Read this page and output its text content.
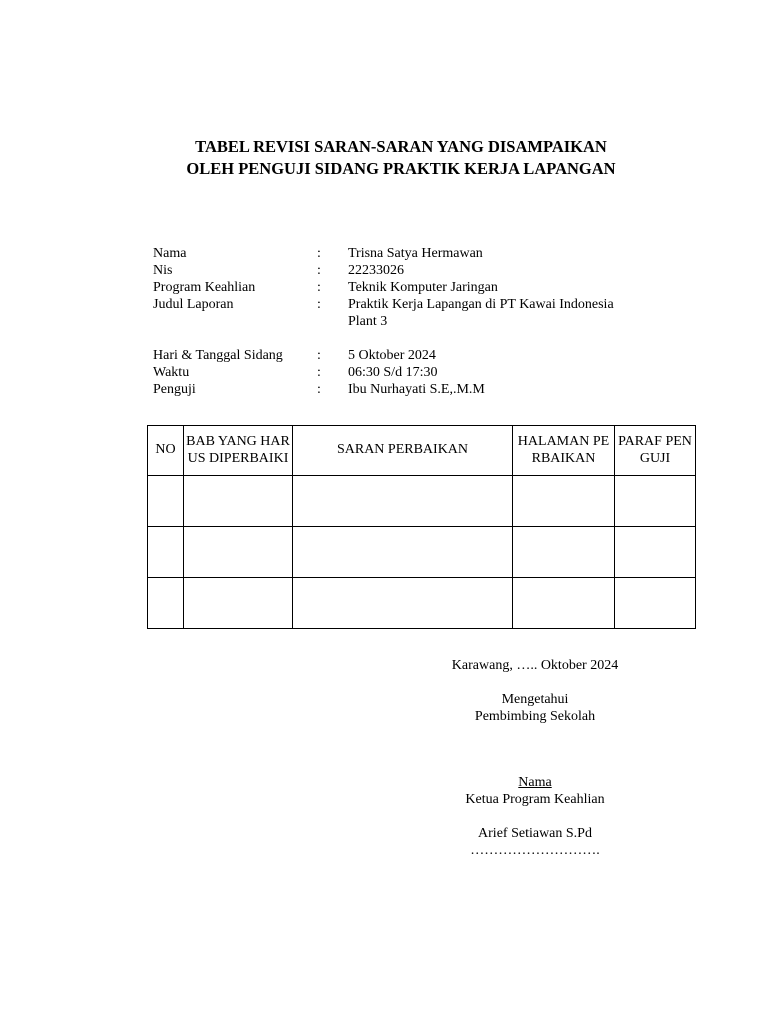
TABEL REVISI SARAN-SARAN YANG DISAMPAIKAN
OLEH PENGUJI SIDANG PRAKTIK KERJA LAPANGAN
Nama	: Trisna Satya Hermawan
Nis	: 22233026
Program Keahlian	: Teknik Komputer Jaringan
Judul Laporan	: Praktik Kerja Lapangan di PT Kawai Indonesia
Plant 3
Hari & Tanggal Sidang	: 5 Oktober 2024
Waktu	: 06:30 S/d 17:30
Penguji	: Ibu Nurhayati S.E,.M.M
NO	BAB YANG HARUS DIPERBAIKI	SARAN PERBAIKAN	HALAMAN PERBAIKAN	PARAF PENGUJI

Karawang, ….. Oktober 2024
Mengetahui
Pembimbing Sekolah
Nama
Ketua Program Keahlian
Arief Setiawan S.Pd
……………………….
